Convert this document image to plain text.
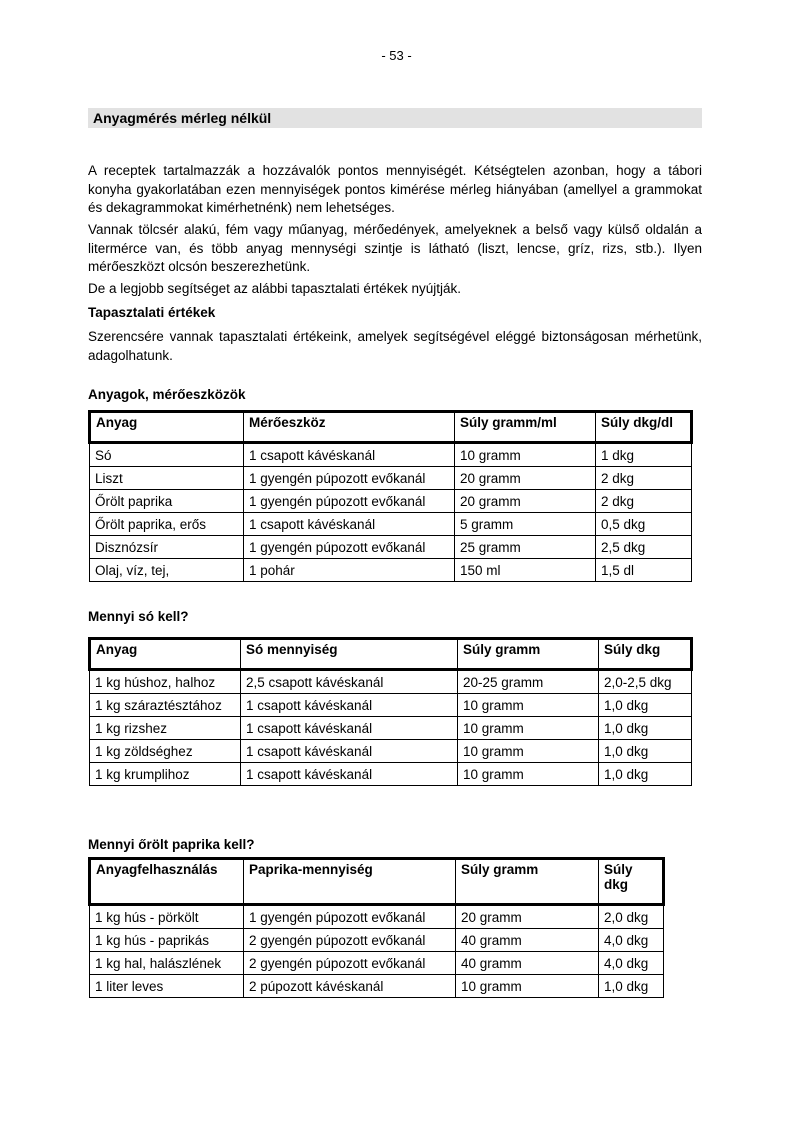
- 53 -
Anyagmérés mérleg nélkül
A receptek tartalmazzák a hozzávalók pontos mennyiségét. Kétségtelen azonban, hogy a tábori konyha gyakorlatában ezen mennyiségek pontos kimérése mérleg hiányában (amellyel a grammokat és dekagrammokat kimérhetnénk) nem lehetséges.
Vannak tölcsér alakú, fém vagy műanyag, mérőedények, amelyeknek a belső vagy külső oldalán a litermérce van, és több anyag mennységi szintje is látható (liszt, lencse, gríz, rizs, stb.). Ilyen mérőeszközt olcsón beszerezhetünk.
De a legjobb segítséget az alábbi tapasztalati értékek nyújtják.
Tapasztalati értékek
Szerencsére vannak tapasztalati értékeink, amelyek segítségével eléggé biztonságosan mérhetünk, adagolhatunk.
Anyagok, mérőeszközök
Anyag	Mérőeszköz	Súly gramm/ml	Súly dkg/dl
Só	1 csapott kávéskanál	10 gramm	1 dkg
Liszt	1 gyengén púpozott evőkanál	20 gramm	2 dkg
Őrölt paprika	1 gyengén púpozott evőkanál	20 gramm	2 dkg
Őrölt paprika, erős	1 csapott kávéskanál	5 gramm	0,5 dkg
Disznózsír	1 gyengén púpozott evőkanál	25 gramm	2,5 dkg
Olaj, víz, tej,	1 pohár	150 ml	1,5 dl
Mennyi só kell?
Anyag	Só mennyiség	Súly gramm	Súly dkg
1 kg húshoz, halhoz	2,5 csapott kávéskanál	20-25 gramm	2,0-2,5 dkg
1 kg száraztésztához	1 csapott kávéskanál	10 gramm	1,0 dkg
1 kg rizshez	1 csapott kávéskanál	10 gramm	1,0 dkg
1 kg zöldséghez	1 csapott kávéskanál	10 gramm	1,0 dkg
1 kg krumplihoz	1 csapott kávéskanál	10 gramm	1,0 dkg
Mennyi őrölt paprika kell?
Anyagfelhasználás	Paprika-mennyiség	Súly gramm	Súly dkg
1 kg hús - pörkölt	1 gyengén púpozott evőkanál	20 gramm	2,0 dkg
1 kg hús - paprikás	2 gyengén púpozott evőkanál	40 gramm	4,0 dkg
1 kg hal, halászlének	2 gyengén púpozott evőkanál	40 gramm	4,0 dkg
1 liter leves	2 púpozott kávéskanál	10 gramm	1,0 dkg
